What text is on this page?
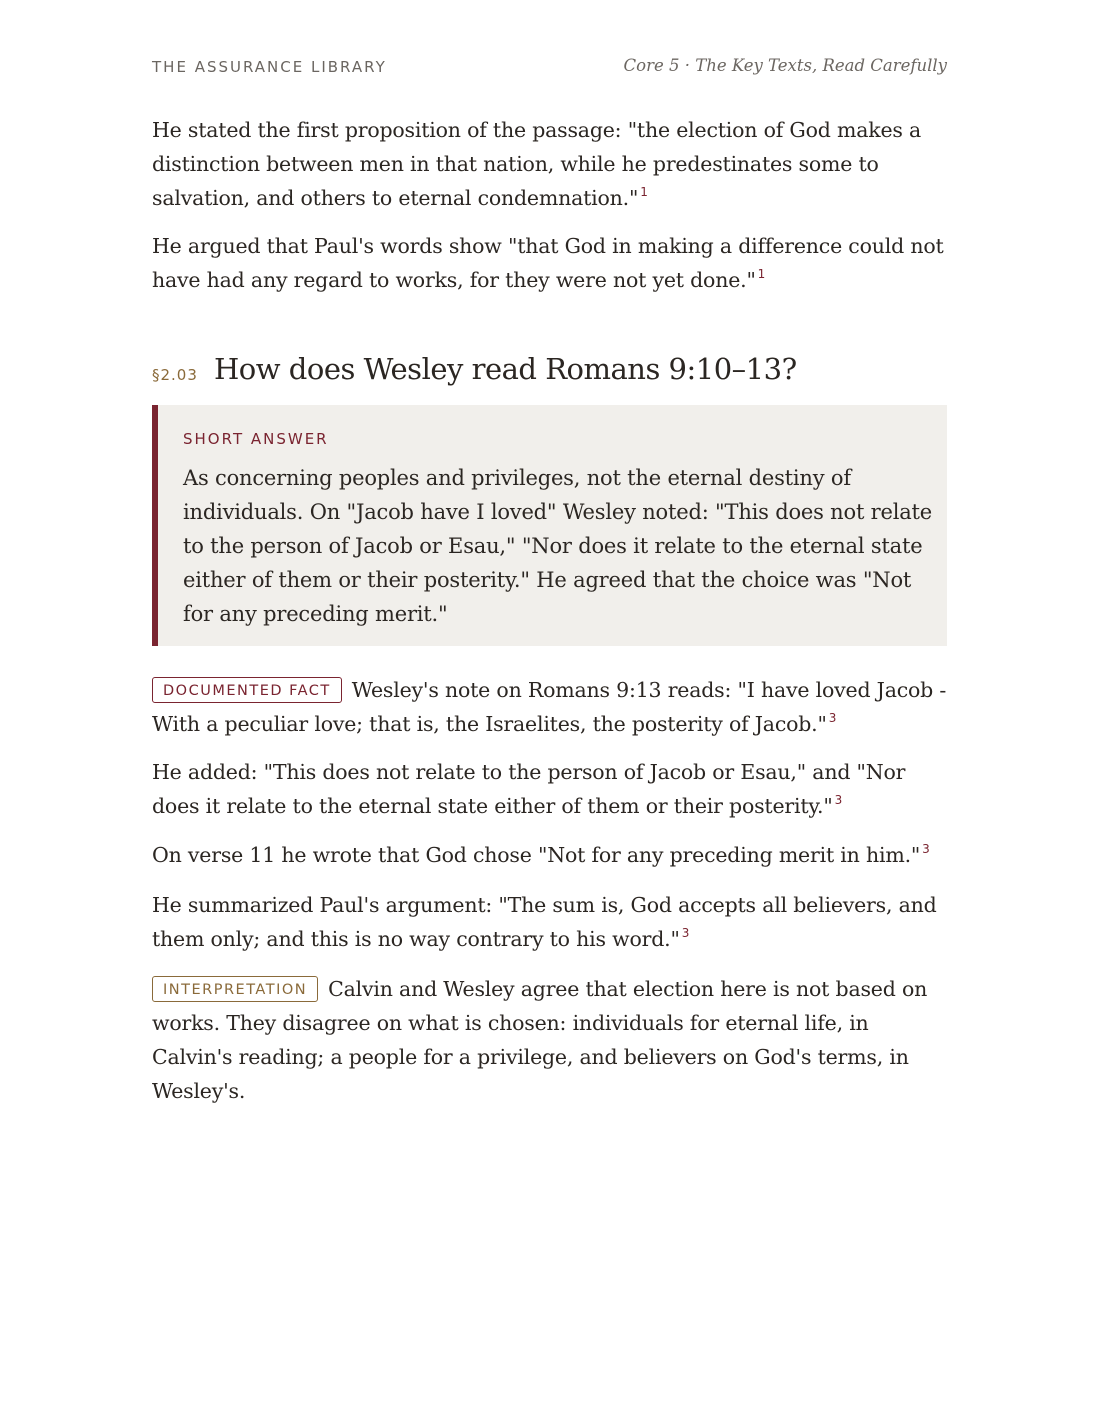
THE ASSURANCE LIBRARY	Core 5 · The Key Texts, Read Carefully

He stated the first proposition of the passage: "the election of God makes a distinction between men in that nation, while he predestinates some to salvation, and others to eternal condemnation." $^1$

He argued that Paul's words show "that God in making a difference could not have had any regard to works, for they were not yet done." $^1$

§2.03 How does Wesley read Romans 9:10–13?
SHORT ANSWER
As concerning peoples and privileges, not the eternal destiny of individuals. On "Jacob have I loved" Wesley noted: "This does not relate to the person of Jacob or Esau," "Nor does it relate to the eternal state either of them or their posterity." He agreed that the choice was "Not for any preceding merit."

DOCUMENTED FACT Wesley's note on Romans 9:13 reads: "I have loved Jacob - With a peculiar love; that is, the Israelites, the posterity of Jacob." $^3$

He added: "This does not relate to the person of Jacob or Esau," and "Nor does it relate to the eternal state either of them or their posterity." $^3$

On verse 11 he wrote that God chose "Not for any preceding merit in him." $^3$

He summarized Paul's argument: "The sum is, God accepts all believers, and them only; and this is no way contrary to his word." $^3$

INTERPRETATION Calvin and Wesley agree that election here is not based on works. They disagree on what is chosen: individuals for eternal life, in Calvin's reading; a people for a privilege, and believers on God's terms, in Wesley's.
